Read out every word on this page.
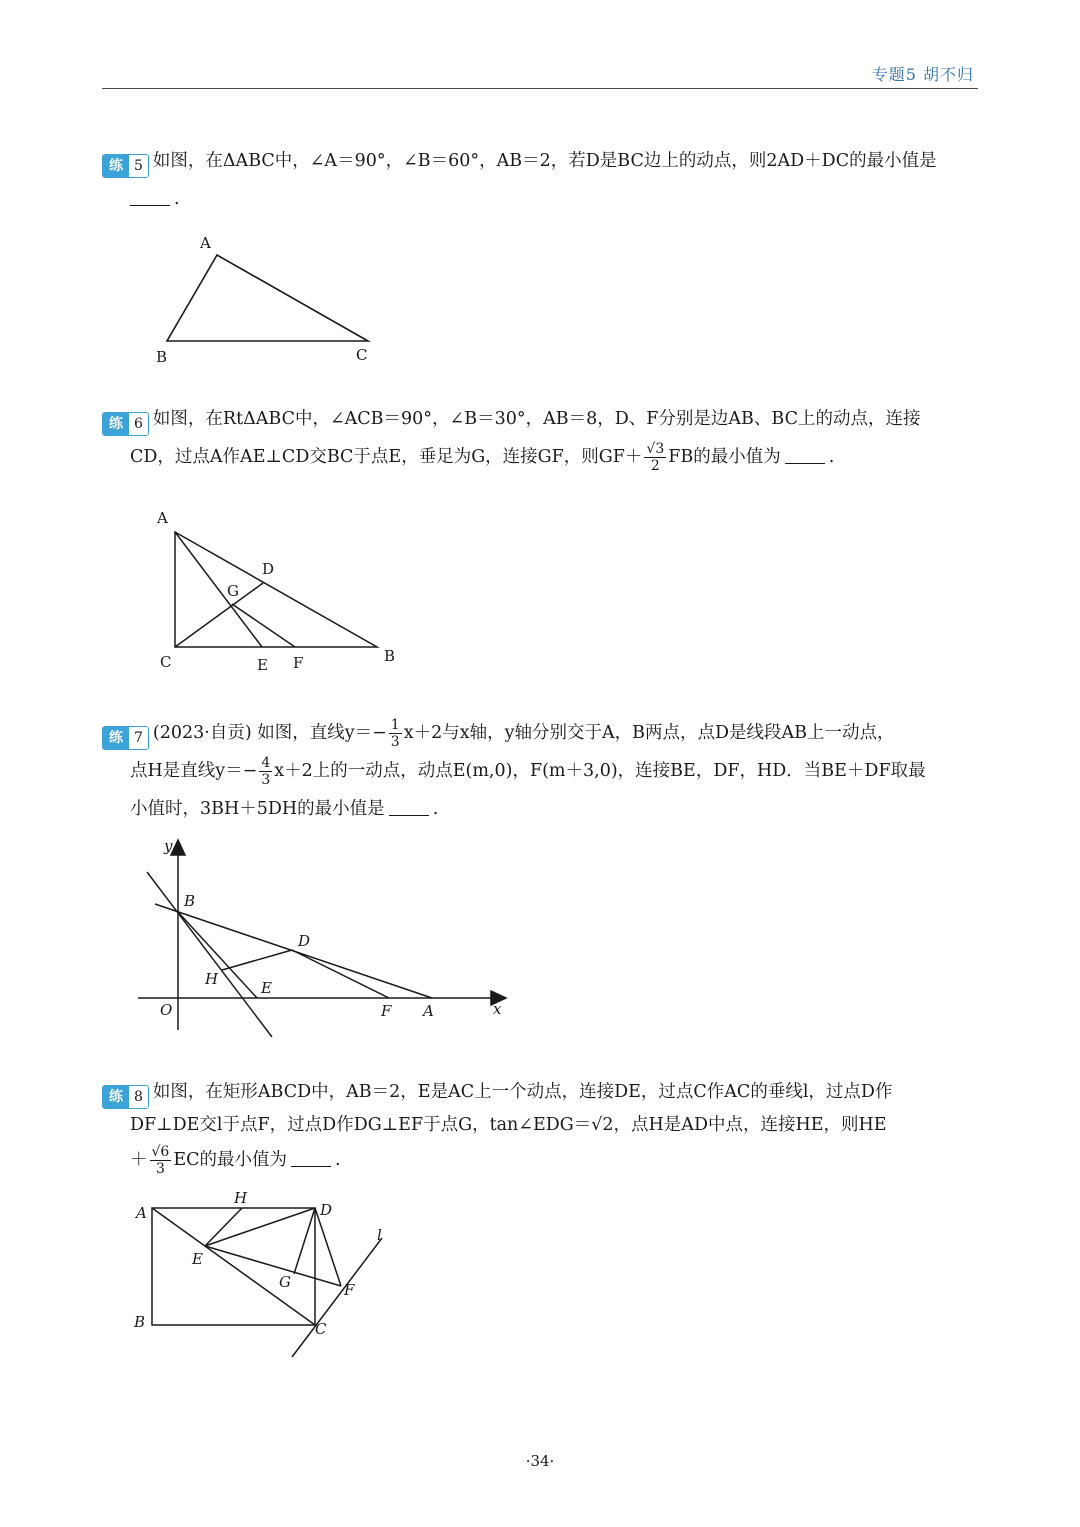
专题5 胡不归
练 5 如图，在ΔABC中，∠A＝90°，∠B＝60°，AB＝2，若D是BC边上的动点，则2AD＋DC的最小值是
.
A
B	C
练 6 如图，在RtΔABC中，∠ACB＝90°，∠B＝30°，AB＝8，D、F分别是边AB、BC上的动点，连接
CD，过点A作AE⊥CD交BC于点E，垂足为G，连接GF，则$GF+ \frac{√3}{2}$ FB的最小值为	.
A
D
G
C	E F	B
练 7 (2023·自贡) 如图，直线$y=- \frac{1}{3} x+2$与x轴，y轴分别交于A，B两点，点D是线段AB上一动点，
点H是直线$y=- \frac{4}{3} x+2$上的一动点，动点E(m,0)，F(m＋3,0)，连接BE，DF，HD．当BE＋DF取最
小值时，3BH＋5DH的最小值是	.
y
B
D
H	E
O	F A	x
练 8 如图，在矩形ABCD中，AB＝2，E是AC上一个动点，连接DE，过点C作AC的垂线l，过点D作
DF⊥DE交l于点F，过点D作DG⊥EF于点G，tan∠EDG＝√2，点H是AD中点，连接HE，则HE
＋ $\frac{√6}{3}$ EC的最小值为	.
A
H
D
l
E
G	F
B	C
·34·
